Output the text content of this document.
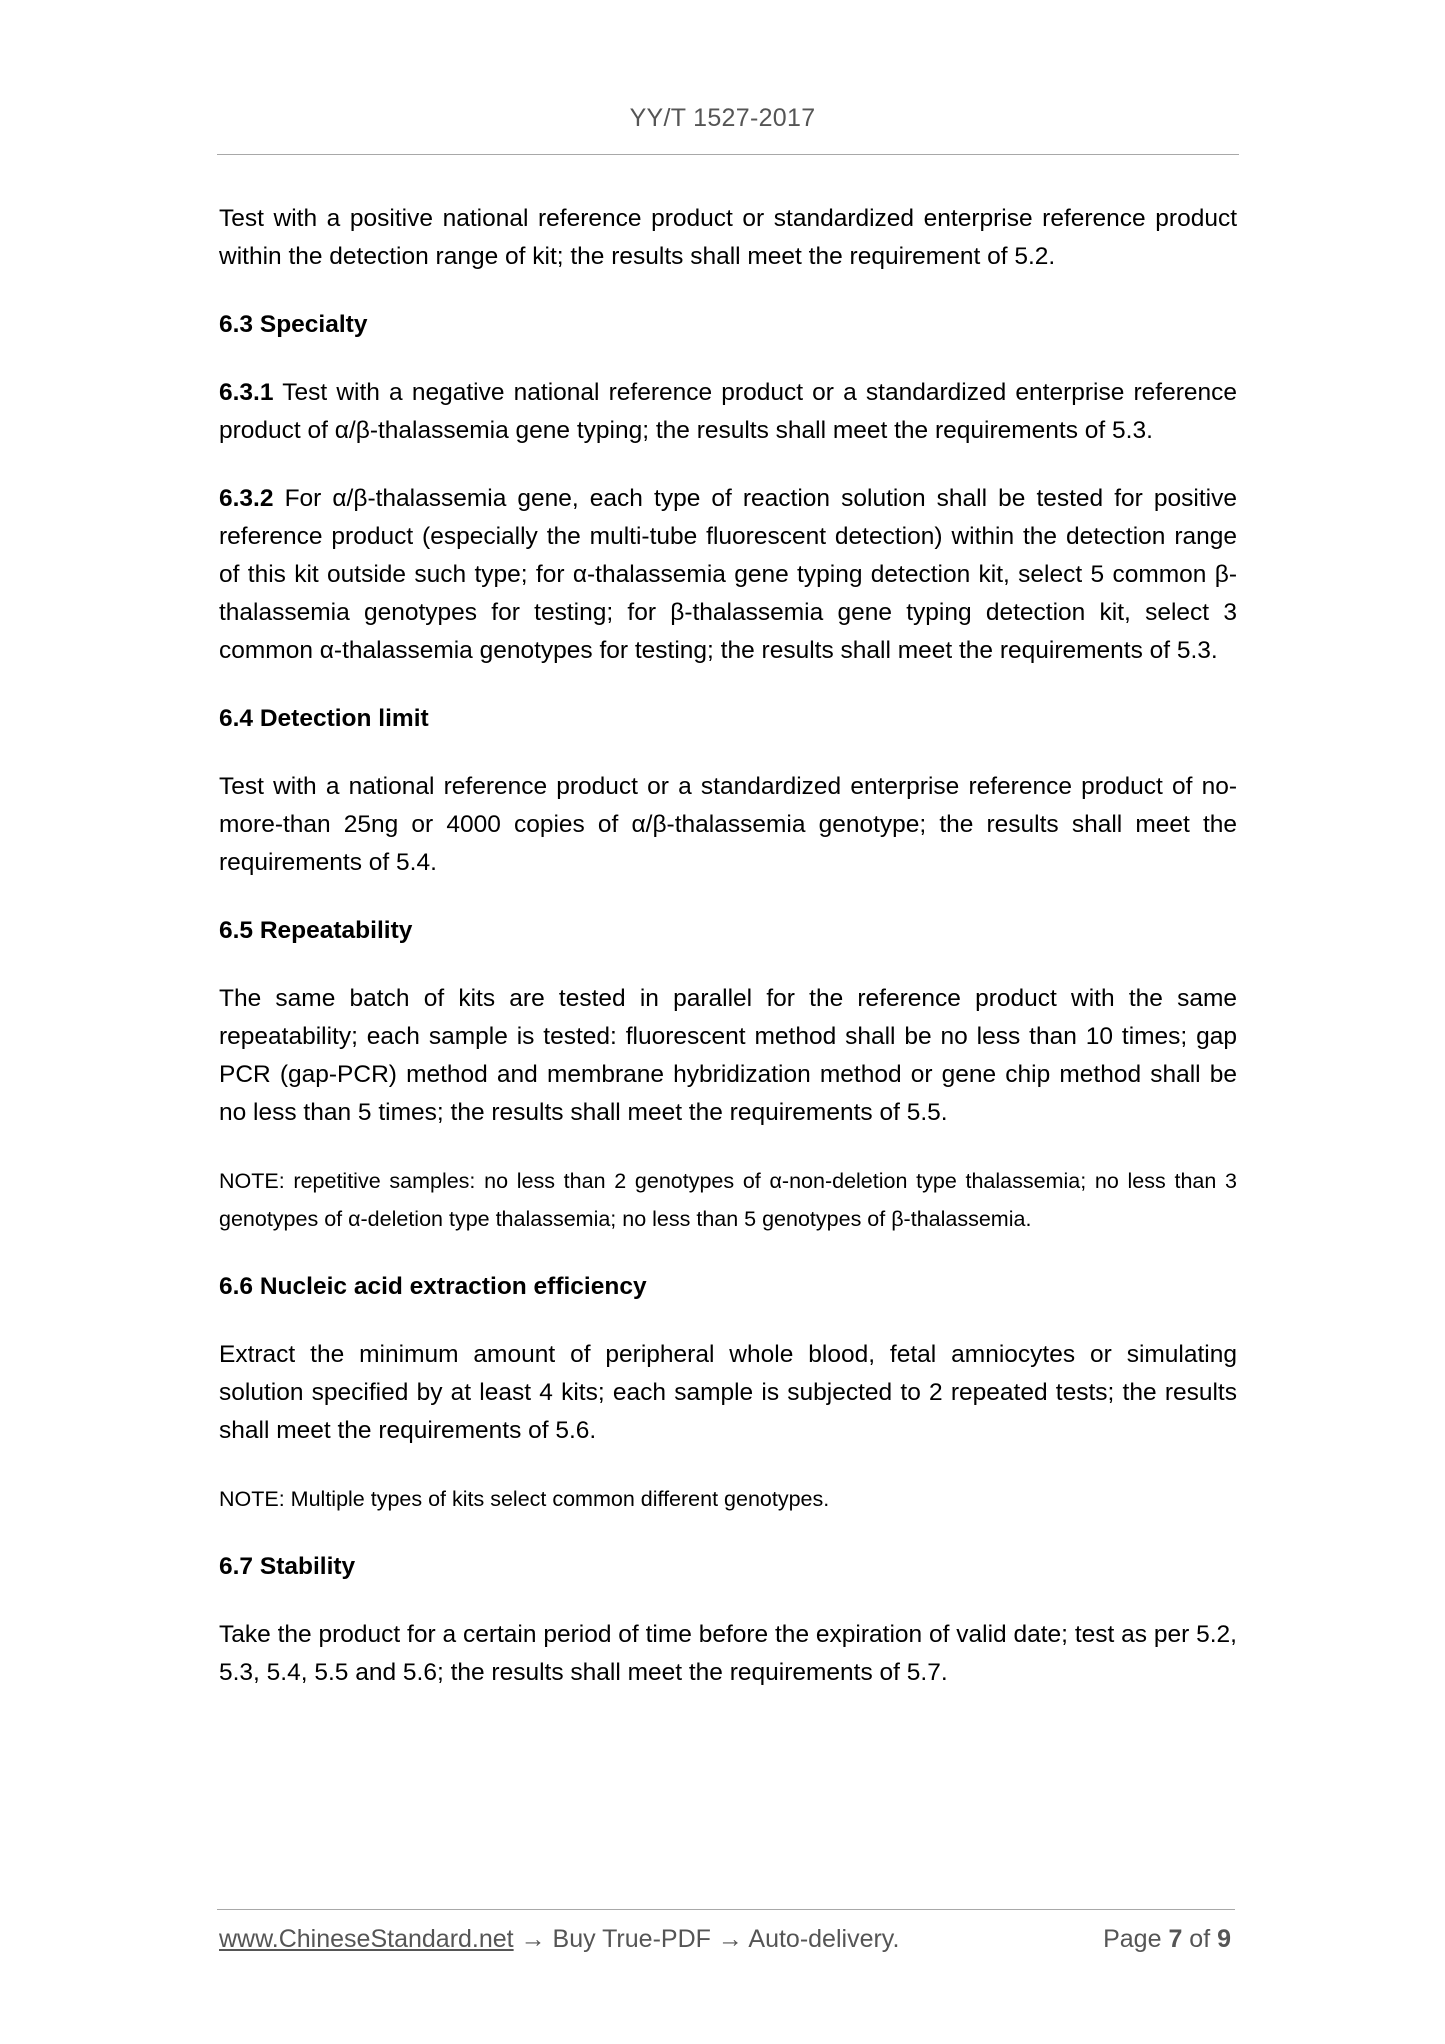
YY/T 1527-2017

Test with a positive national reference product or standardized enterprise reference product within the detection range of kit; the results shall meet the requirement of 5.2.

6.3 Specialty

6.3.1 Test with a negative national reference product or a standardized enterprise reference product of α/β-thalassemia gene typing; the results shall meet the requirements of 5.3.

6.3.2 For α/β-thalassemia gene, each type of reaction solution shall be tested for positive reference product (especially the multi-tube fluorescent detection) within the detection range of this kit outside such type; for α-thalassemia gene typing detection kit, select 5 common β-thalassemia genotypes for testing; for β-thalassemia gene typing detection kit, select 3 common α-thalassemia genotypes for testing; the results shall meet the requirements of 5.3.

6.4 Detection limit

Test with a national reference product or a standardized enterprise reference product of no-more-than 25ng or 4000 copies of α/β-thalassemia genotype; the results shall meet the requirements of 5.4.

6.5 Repeatability

The same batch of kits are tested in parallel for the reference product with the same repeatability; each sample is tested: fluorescent method shall be no less than 10 times; gap PCR (gap-PCR) method and membrane hybridization method or gene chip method shall be no less than 5 times; the results shall meet the requirements of 5.5.

NOTE: repetitive samples: no less than 2 genotypes of α-non-deletion type thalassemia; no less than 3 genotypes of α-deletion type thalassemia; no less than 5 genotypes of β-thalassemia.

6.6 Nucleic acid extraction efficiency

Extract the minimum amount of peripheral whole blood, fetal amniocytes or simulating solution specified by at least 4 kits; each sample is subjected to 2 repeated tests; the results shall meet the requirements of 5.6.

NOTE: Multiple types of kits select common different genotypes.

6.7 Stability

Take the product for a certain period of time before the expiration of valid date; test as per 5.2, 5.3, 5.4, 5.5 and 5.6; the results shall meet the requirements of 5.7.

www.ChineseStandard.net → Buy True-PDF → Auto-delivery.	Page 7 of 9
